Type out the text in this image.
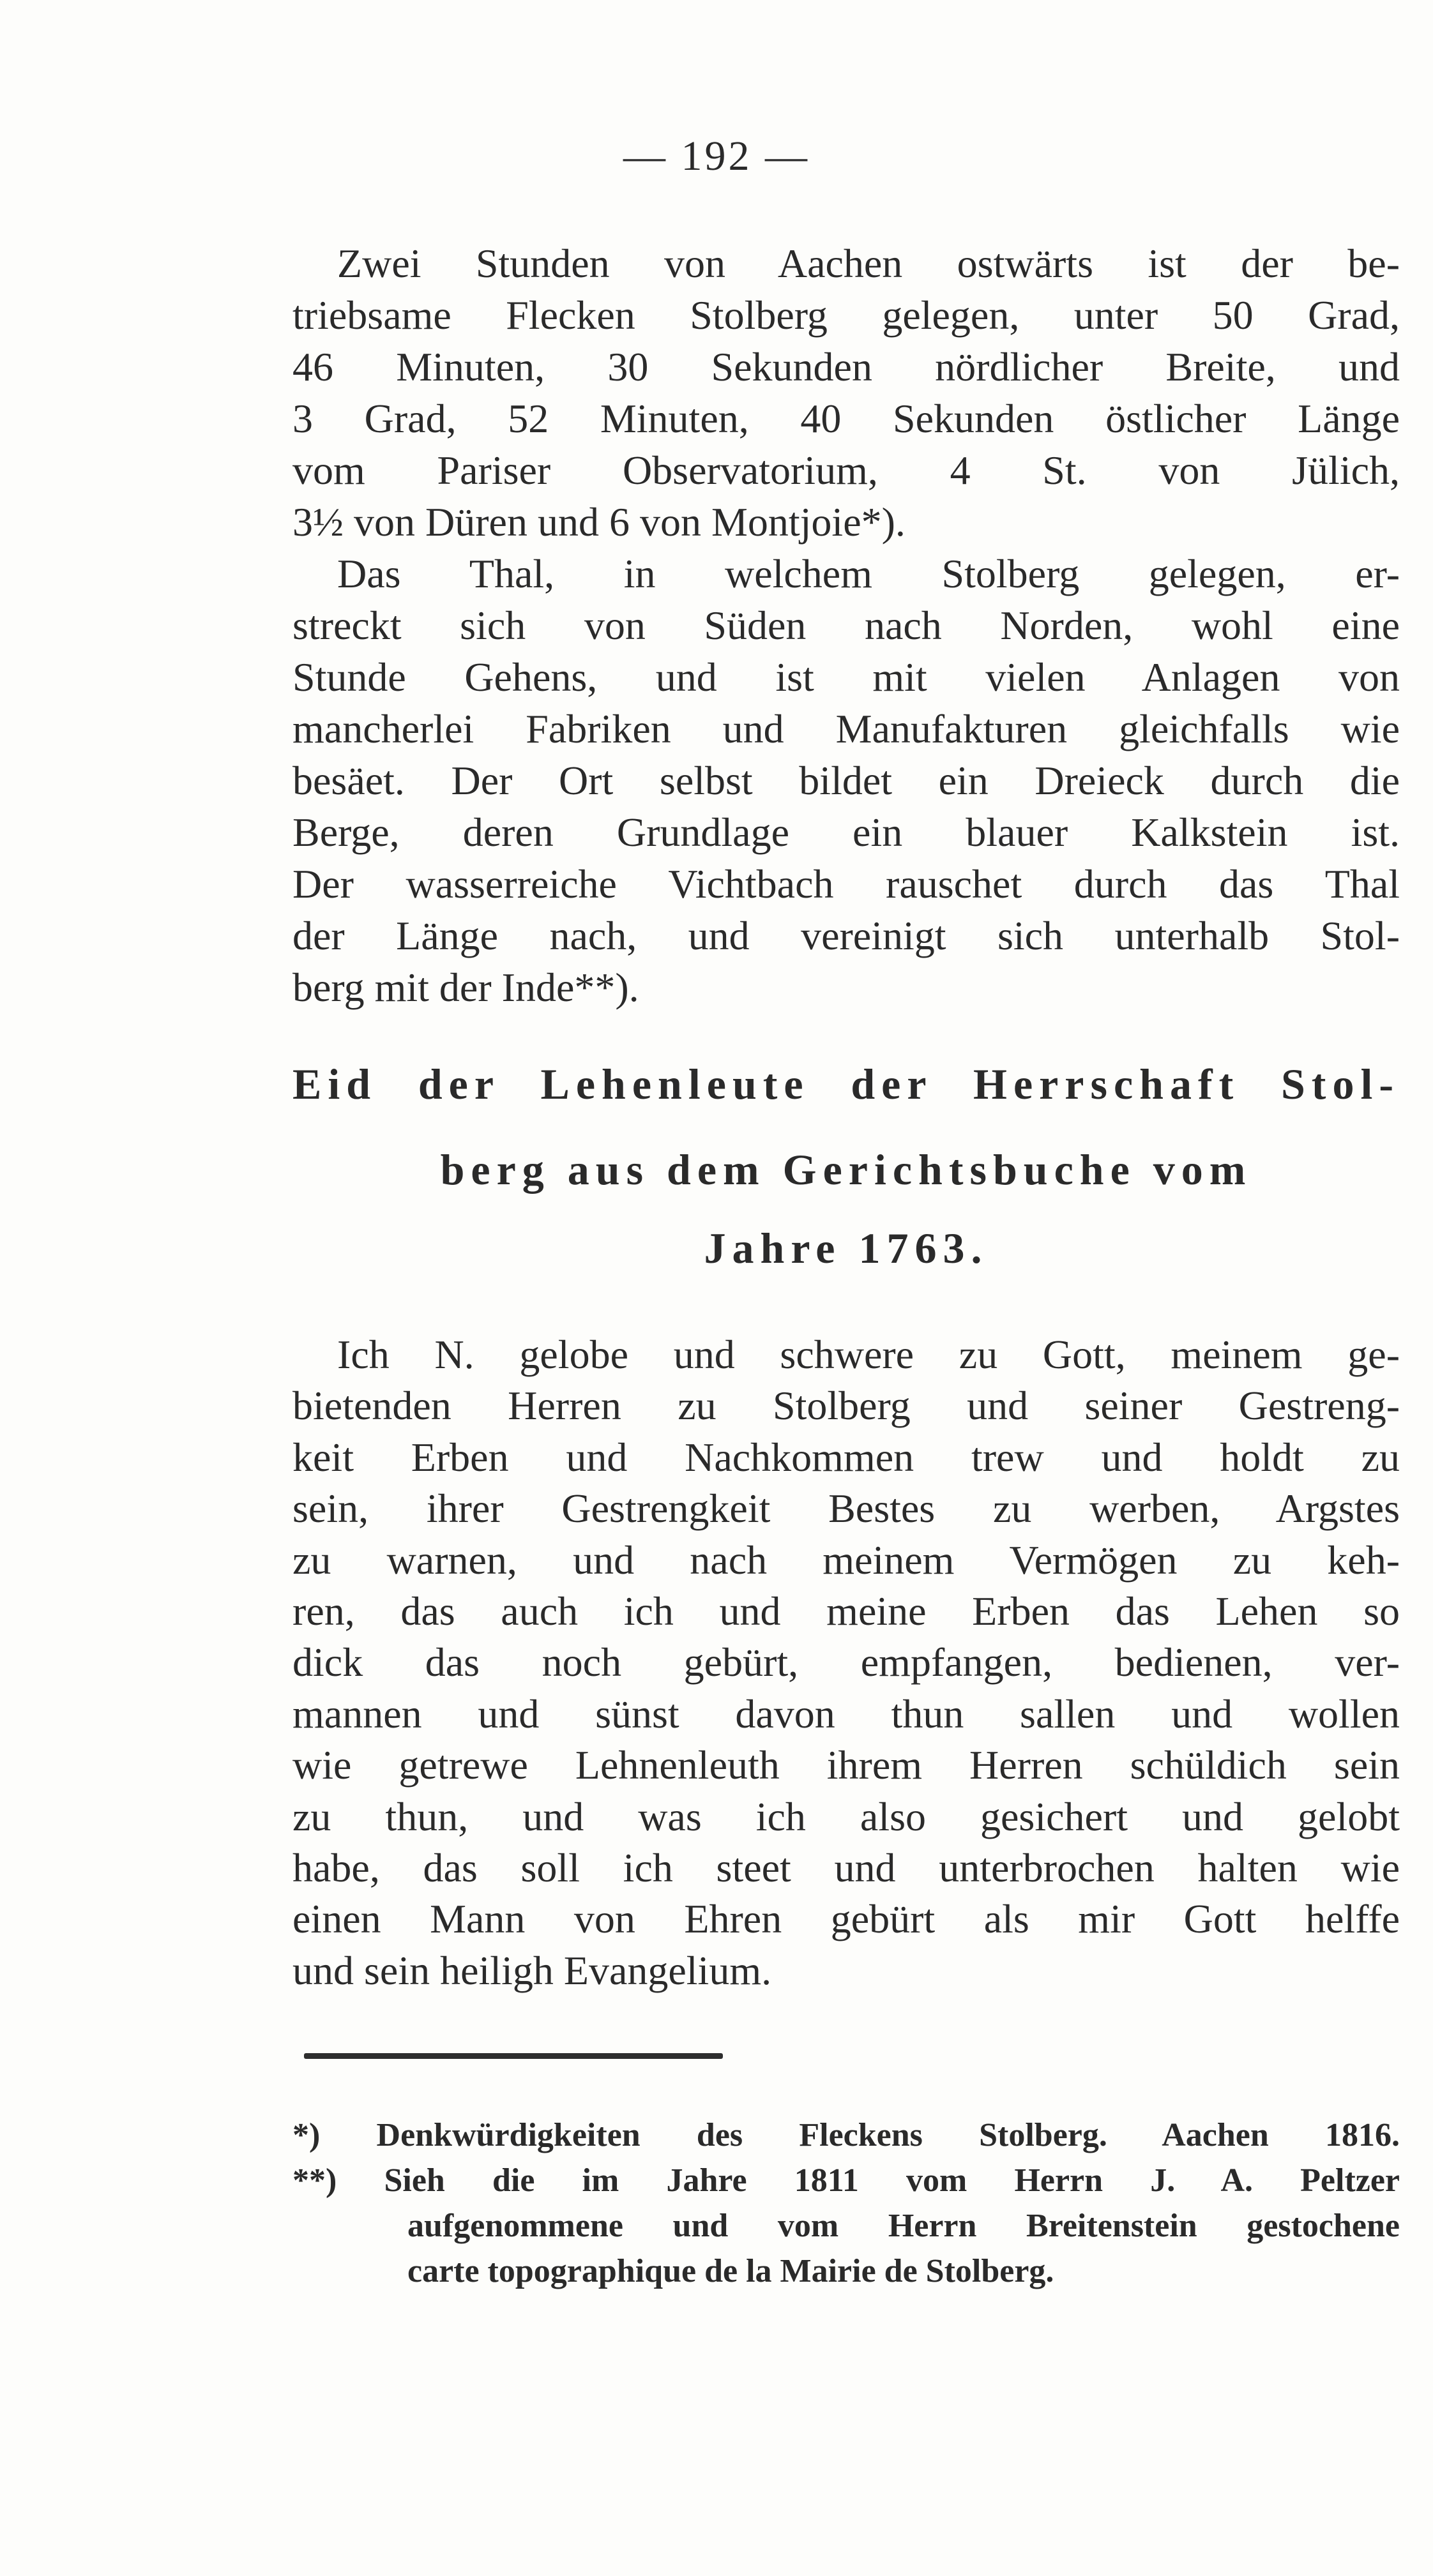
— 192 —
Zwei Stunden von Aachen ostwärts ist der be-
triebsame Flecken Stolberg gelegen, unter 50 Grad,
46 Minuten, 30 Sekunden nördlicher Breite, und
3 Grad, 52 Minuten, 40 Sekunden östlicher Länge
vom Pariser Observatorium, 4 St. von Jülich,
3½ von Düren und 6 von Montjoie*).
Das Thal, in welchem Stolberg gelegen, er-
streckt sich von Süden nach Norden, wohl eine
Stunde Gehens, und ist mit vielen Anlagen von
mancherlei Fabriken und Manufakturen gleichfalls wie
besäet. Der Ort selbst bildet ein Dreieck durch die
Berge, deren Grundlage ein blauer Kalkstein ist.
Der wasserreiche Vichtbach rauschet durch das Thal
der Länge nach, und vereinigt sich unterhalb Stol-
berg mit der Inde**).
Eid der Lehenleute der Herrschaft Stol-
berg aus dem Gerichtsbuche vom
Jahre 1763.
Ich N. gelobe und schwere zu Gott, meinem ge-
bietenden Herren zu Stolberg und seiner Gestreng-
keit Erben und Nachkommen trew und holdt zu
sein, ihrer Gestrengkeit Bestes zu werben, Argstes
zu warnen, und nach meinem Vermögen zu keh-
ren, das auch ich und meine Erben das Lehen so
dick das noch gebürt, empfangen, bedienen, ver-
mannen und sünst davon thun sallen und wollen
wie getrewe Lehnenleuth ihrem Herren schüldich sein
zu thun, und was ich also gesichert und gelobt
habe, das soll ich steet und unterbrochen halten wie
einen Mann von Ehren gebürt als mir Gott helffe
und sein heiligh Evangelium.
*) Denkwürdigkeiten des Fleckens Stolberg. Aachen 1816.
**) Sieh die im Jahre 1811 vom Herrn J. A. Peltzer
aufgenommene und vom Herrn Breitenstein gestochene
carte topographique de la Mairie de Stolberg.
